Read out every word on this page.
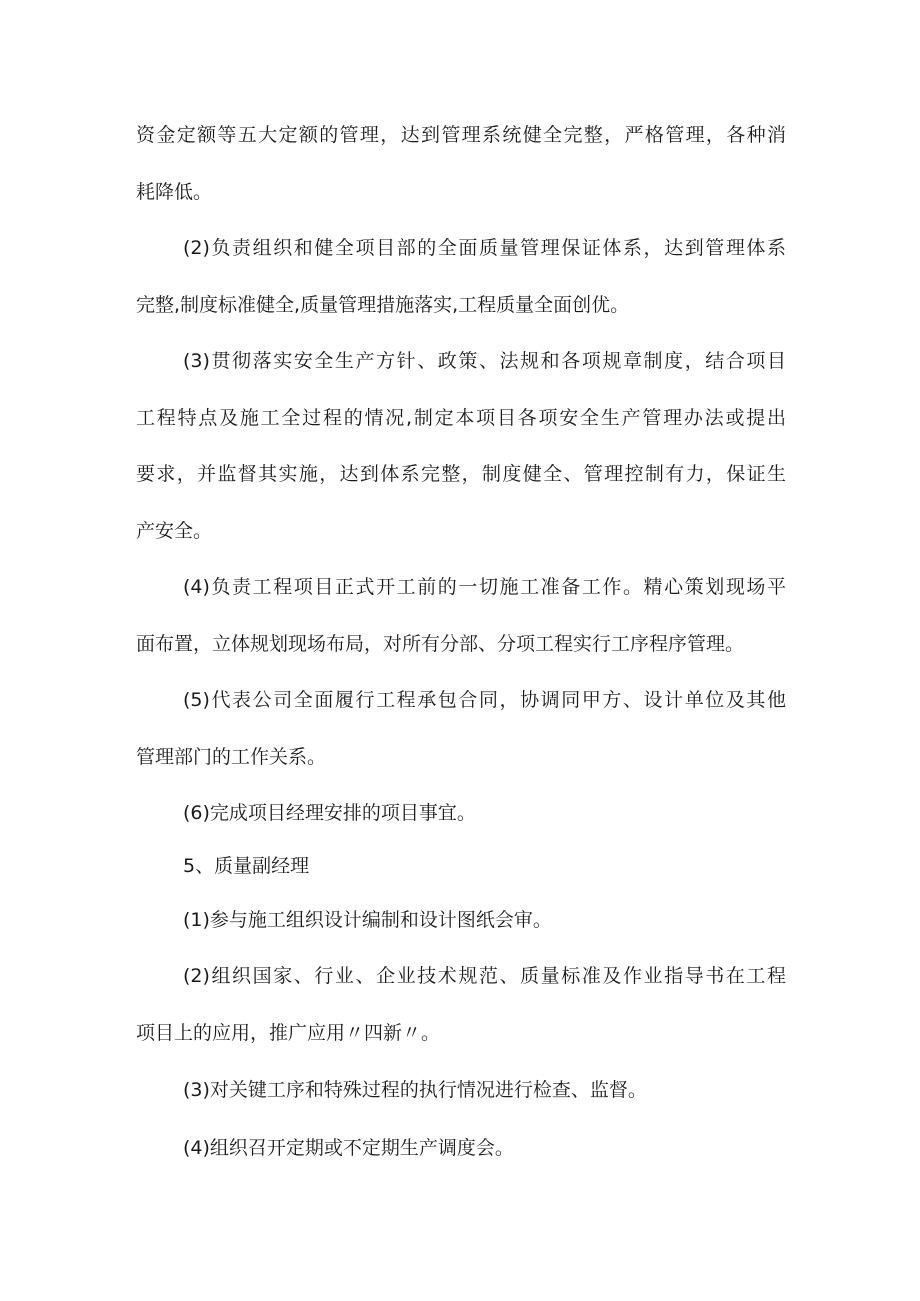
资金定额等五大定额的管理，达到管理系统健全完整，严格管理，各种消
耗降低。

(2)负责组织和健全项目部的全面质量管理保证体系，达到管理体系
完整,制度标准健全,质量管理措施落实,工程质量全面创优。

(3)贯彻落实安全生产方针、政策、法规和各项规章制度，结合项目
工程特点及施工全过程的情况,制定本项目各项安全生产管理办法或提出
要求，并监督其实施，达到体系完整，制度健全、管理控制有力，保证生
产安全。

(4)负责工程项目正式开工前的一切施工准备工作。精心策划现场平
面布置，立体规划现场布局，对所有分部、分项工程实行工序程序管理。

(5)代表公司全面履行工程承包合同，协调同甲方、设计单位及其他
管理部门的工作关系。

(6)完成项目经理安排的项目事宜。

5、质量副经理

(1)参与施工组织设计编制和设计图纸会审。

(2)组织国家、行业、企业技术规范、质量标准及作业指导书在工程
项目上的应用，推广应用〃四新〃。

(3)对关键工序和特殊过程的执行情况进行检查、监督。

(4)组织召开定期或不定期生产调度会。
